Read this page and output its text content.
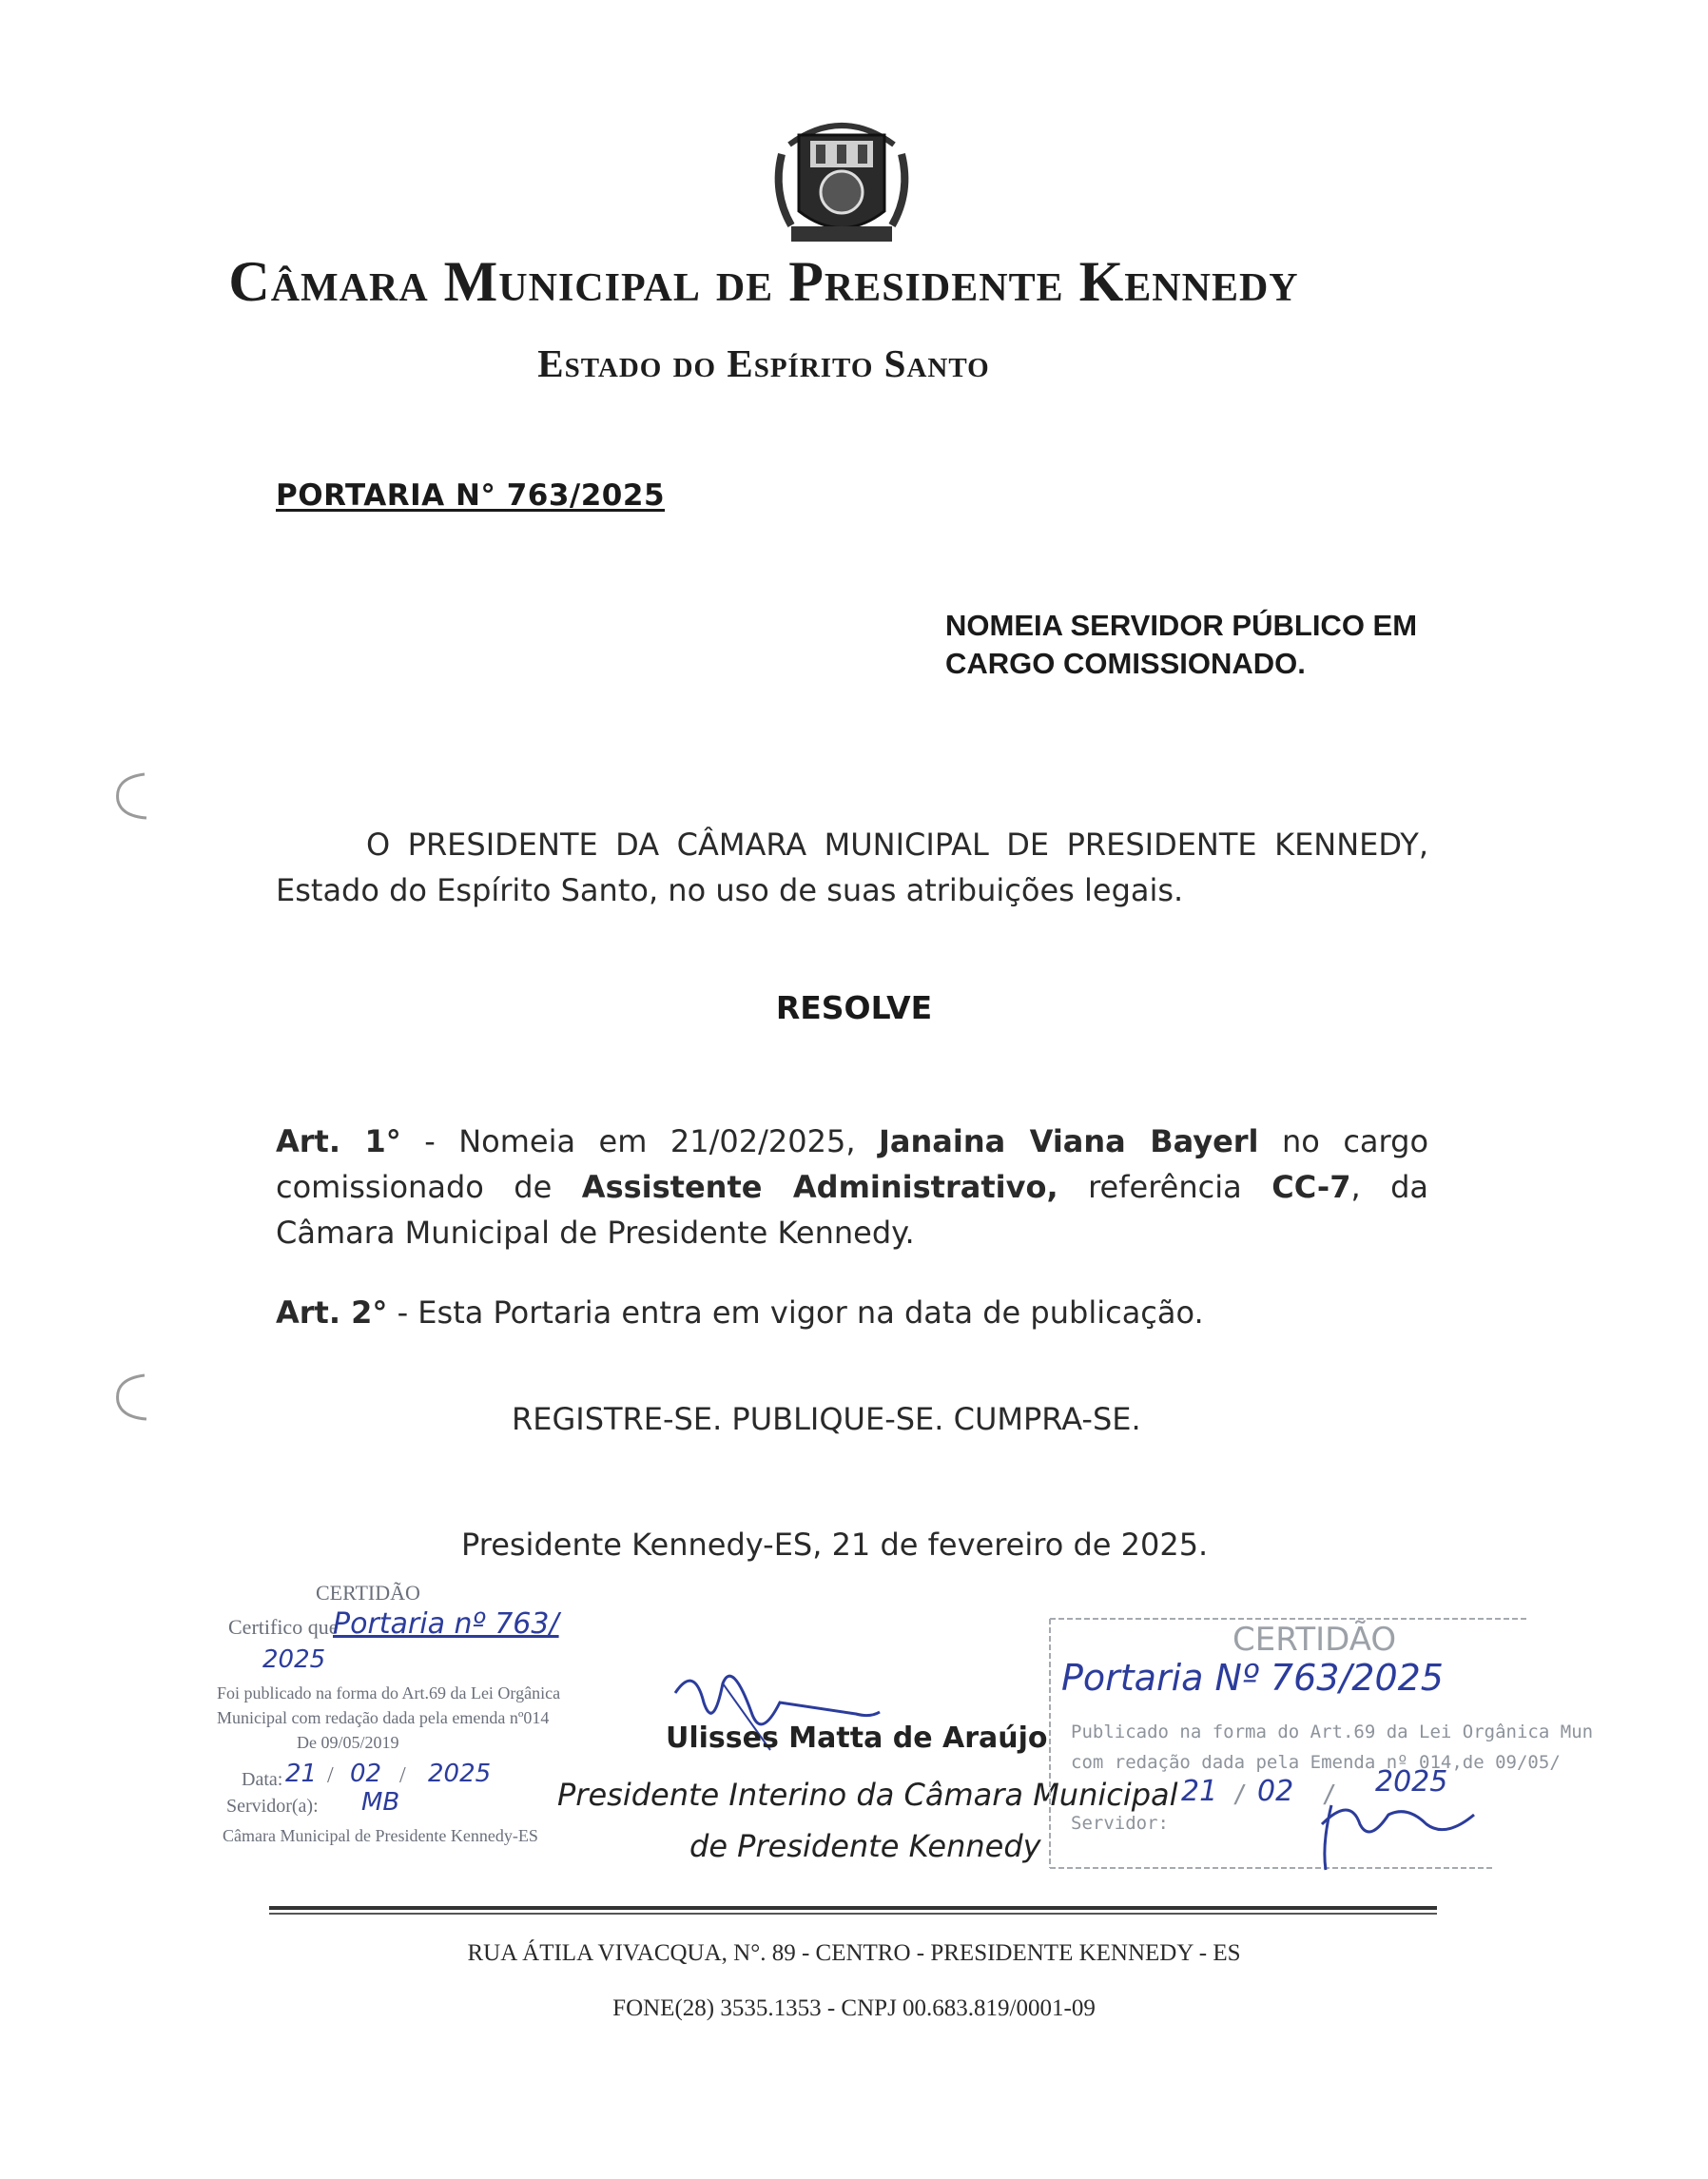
Câmara Municipal de Presidente Kennedy
Estado do Espírito Santo
PORTARIA N° 763/2025
NOMEIA SERVIDOR PÚBLICO EM CARGO COMISSIONADO.
O PRESIDENTE DA CÂMARA MUNICIPAL DE PRESIDENTE KENNEDY, Estado do Espírito Santo, no uso de suas atribuições legais.
RESOLVE
Art. 1° - Nomeia em 21/02/2025, Janaina Viana Bayerl no cargo comissionado de Assistente Administrativo, referência CC-7, da Câmara Municipal de Presidente Kennedy.
Art. 2° - Esta Portaria entra em vigor na data de publicação.
REGISTRE-SE. PUBLIQUE-SE. CUMPRA-SE.
Presidente Kennedy-ES, 21 de fevereiro de 2025.
CERTIDÃO
Certifico que
Portaria nº 763/
2025
Foi publicado na forma do Art.69 da Lei Orgânica
Municipal com redação dada pela emenda nº014
De 09/05/2019
Data: 21 / 02 / 2025
Servidor(a): MB
Câmara Municipal de Presidente Kennedy-ES
Ulisses Matta de Araújo
Presidente Interino da Câmara Municipal
de Presidente Kennedy
CERTIDÃO
Portaria Nº 763/2025
Publicado na forma do Art.69 da Lei Orgânica Mun
com redação dada pela Emenda nº 014,de 09/05/
21 / 02 / 2025
Servidor:
RUA ÁTILA VIVACQUA, N°. 89 - CENTRO - PRESIDENTE KENNEDY - ES
FONE(28) 3535.1353 - CNPJ 00.683.819/0001-09
